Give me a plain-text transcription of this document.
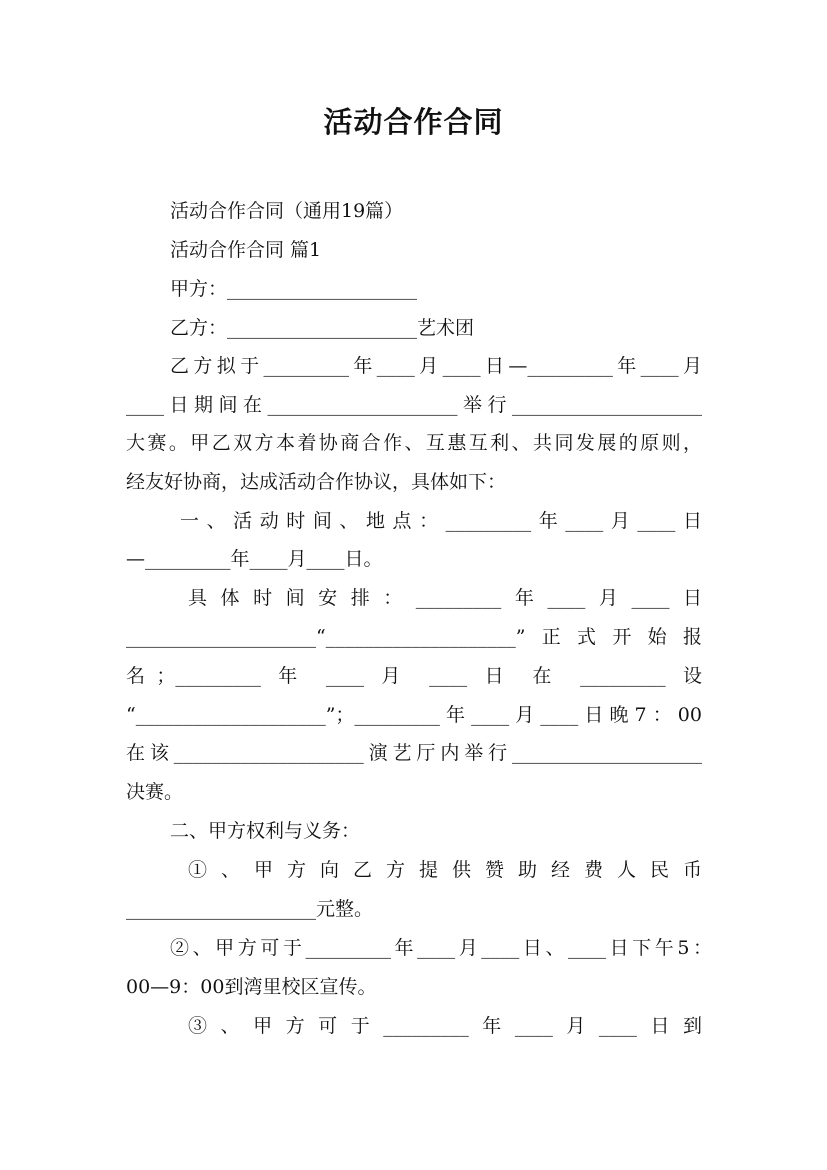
活动合作合同
活动合作合同（通用19篇）
活动合作合同 篇1
甲方：____________________
乙方：____________________艺术团
乙方拟于_________年____月____日—_________年____月
____日期间在____________________举行____________________
大赛。甲乙双方本着协商合作、互惠互利、共同发展的原则，
经友好协商，达成活动合作协议，具体如下：
一、活动时间、地点：_________年____月____日
—_________年____月____日。
具体时间安排：_________年____月____日
____________________“____________________”正式开始报
名；_________ 年 ____ 月 ____ 日 在 _________ 设
“____________________”；_________年____月____日晚7：00
在该____________________演艺厅内举行____________________
决赛。
二、甲方权利与义务：
①、甲方向乙方提供赞助经费人民币
____________________元整。
②、甲方可于_________年____月____日、____日下午5：
00—9：00到湾里校区宣传。
③、甲方可于_________年____月____日到
